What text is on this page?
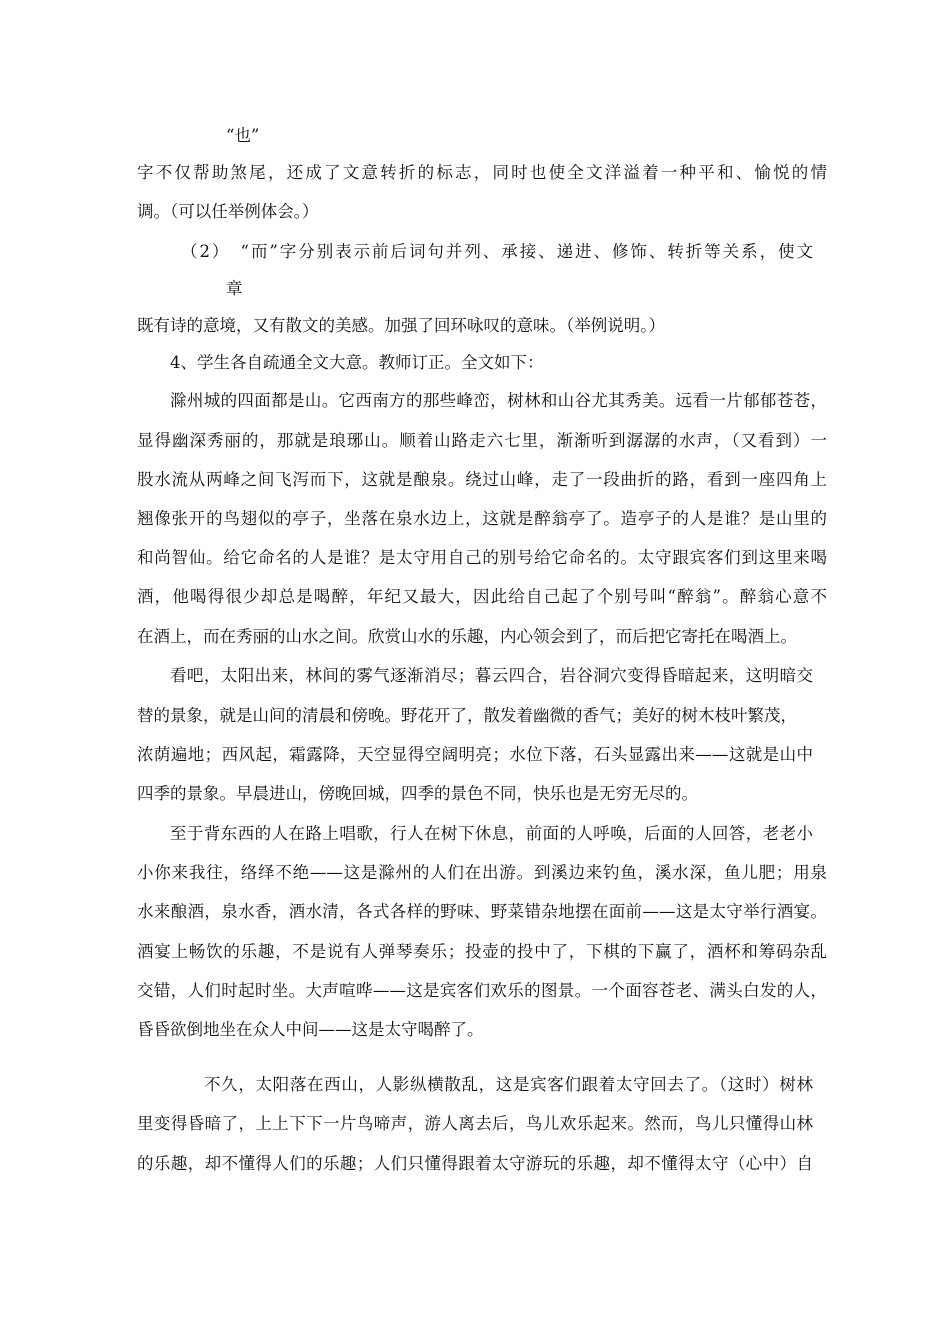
“也”
字不仅帮助煞尾，还成了文意转折的标志，同时也使全文洋溢着一种平和、愉悦的情
调。（可以任举例体会。）
（2）　“而”字分别表示前后词句并列、承接、递进、修饰、转折等关系，使文
章
既有诗的意境，又有散文的美感。加强了回环咏叹的意味。（举例说明。）
4、学生各自疏通全文大意。教师订正。全文如下：
滁州城的四面都是山。它西南方的那些峰峦，树林和山谷尤其秀美。远看一片郁郁苍苍，
显得幽深秀丽的，那就是琅琊山。顺着山路走六七里，渐渐听到潺潺的水声，（又看到）一
股水流从两峰之间飞泻而下，这就是酿泉。绕过山峰，走了一段曲折的路，看到一座四角上
翘像张开的鸟翅似的亭子，坐落在泉水边上，这就是醉翁亭了。造亭子的人是谁？是山里的
和尚智仙。给它命名的人是谁？是太守用自己的别号给它命名的。太守跟宾客们到这里来喝
酒，他喝得很少却总是喝醉，年纪又最大，因此给自己起了个别号叫“醉翁”。醉翁心意不
在酒上，而在秀丽的山水之间。欣赏山水的乐趣，内心领会到了，而后把它寄托在喝酒上。
看吧，太阳出来，林间的雾气逐渐消尽；暮云四合，岩谷洞穴变得昏暗起来，这明暗交
替的景象，就是山间的清晨和傍晚。野花开了，散发着幽微的香气；美好的树木枝叶繁茂，
浓荫遍地；西风起，霜露降，天空显得空阔明亮；水位下落，石头显露出来——这就是山中
四季的景象。早晨进山，傍晚回城，四季的景色不同，快乐也是无穷无尽的。
至于背东西的人在路上唱歌，行人在树下休息，前面的人呼唤，后面的人回答，老老小
小你来我往，络绎不绝——这是滁州的人们在出游。到溪边来钓鱼，溪水深，鱼儿肥；用泉
水来酿酒，泉水香，酒水清，各式各样的野味、野菜错杂地摆在面前——这是太守举行酒宴。
酒宴上畅饮的乐趣，不是说有人弹琴奏乐；投壶的投中了，下棋的下赢了，酒杯和筹码杂乱
交错，人们时起时坐。大声喧哗——这是宾客们欢乐的图景。一个面容苍老、满头白发的人，
昏昏欲倒地坐在众人中间——这是太守喝醉了。
不久，太阳落在西山，人影纵横散乱，这是宾客们跟着太守回去了。（这时）树林
里变得昏暗了，上上下下一片鸟啼声，游人离去后，鸟儿欢乐起来。然而，鸟儿只懂得山林
的乐趣，却不懂得人们的乐趣；人们只懂得跟着太守游玩的乐趣，却不懂得太守（心中）自
